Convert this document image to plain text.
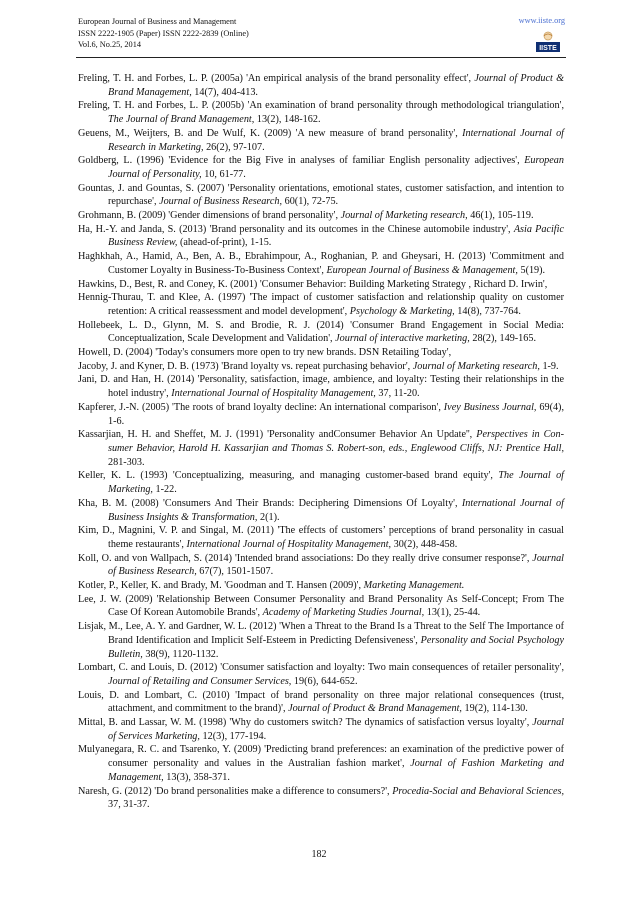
European Journal of Business and Management
ISSN 2222-1905 (Paper) ISSN 2222-2839 (Online)
Vol.6, No.25, 2014
www.iiste.org
IISTE

Freling, T. H. and Forbes, L. P. (2005a) 'An empirical analysis of the brand personality effect', Journal of Product & Brand Management, 14(7), 404-413.

Freling, T. H. and Forbes, L. P. (2005b) 'An examination of brand personality through methodological triangulation', The Journal of Brand Management, 13(2), 148-162.

Geuens, M., Weijters, B. and De Wulf, K. (2009) 'A new measure of brand personality', International Journal of Research in Marketing, 26(2), 97-107.

Goldberg, L. (1996) 'Evidence for the Big Five in analyses of familiar English personality adjectives', European Journal of Personality, 10, 61-77.

Gountas, J. and Gountas, S. (2007) 'Personality orientations, emotional states, customer satisfaction, and intention to repurchase', Journal of Business Research, 60(1), 72-75.

Grohmann, B. (2009) 'Gender dimensions of brand personality', Journal of Marketing research, 46(1), 105-119.

Ha, H.-Y. and Janda, S. (2013) 'Brand personality and its outcomes in the Chinese automobile industry', Asia Pacific Business Review, (ahead-of-print), 1-15.

Haghkhah, A., Hamid, A., Ben, A. B., Ebrahimpour, A., Roghanian, P. and Gheysari, H. (2013) 'Commitment and Customer Loyalty in Business-To-Business Context', European Journal of Business & Management, 5(19).

Hawkins, D., Best, R. and Coney, K. (2001) 'Consumer Behavior: Building Marketing Strategy , Richard D. Irwin',

Hennig‐Thurau, T. and Klee, A. (1997) 'The impact of customer satisfaction and relationship quality on customer retention: A critical reassessment and model development', Psychology & Marketing, 14(8), 737-764.

Hollebeek, L. D., Glynn, M. S. and Brodie, R. J. (2014) 'Consumer Brand Engagement in Social Media: Conceptualization, Scale Development and Validation', Journal of interactive marketing, 28(2), 149-165.

Howell, D. (2004) 'Today's consumers more open to try new brands. DSN Retailing Today',

Jacoby, J. and Kyner, D. B. (1973) 'Brand loyalty vs. repeat purchasing behavior', Journal of Marketing research, 1-9.

Jani, D. and Han, H. (2014) 'Personality, satisfaction, image, ambience, and loyalty: Testing their relationships in the hotel industry', International Journal of Hospitality Management, 37, 11-20.

Kapferer, J.-N. (2005) 'The roots of brand loyalty decline: An international comparison', Ivey Business Journal, 69(4), 1-6.

Kassarjian, H. H. and Sheffet, M. J. (1991) 'Personality andConsumer Behavior An Update'', Perspectives in Con-sumer Behavior, Harold H. Kassarjian and Thomas S. Robert-son, eds., Englewood Cliffs, NJ: Prentice Hall, 281-303.

Keller, K. L. (1993) 'Conceptualizing, measuring, and managing customer-based brand equity', The Journal of Marketing, 1-22.

Kha, B. M. (2008) 'Consumers And Their Brands: Deciphering Dimensions Of Loyalty', International Journal of Business Insights & Transformation, 2(1).

Kim, D., Magnini, V. P. and Singal, M. (2011) 'The effects of customers’ perceptions of brand personality in casual theme restaurants', International Journal of Hospitality Management, 30(2), 448-458.

Koll, O. and von Wallpach, S. (2014) 'Intended brand associations: Do they really drive consumer response?', Journal of Business Research, 67(7), 1501-1507.

Kotler, P., Keller, K. and Brady, M. 'Goodman and T. Hansen (2009)', Marketing Management.

Lee, J. W. (2009) 'Relationship Between Consumer Personality and Brand Personality As Self-Concept; From The Case Of Korean Automobile Brands', Academy of Marketing Studies Journal, 13(1), 25-44.

Lisjak, M., Lee, A. Y. and Gardner, W. L. (2012) 'When a Threat to the Brand Is a Threat to the Self The Importance of Brand Identification and Implicit Self-Esteem in Predicting Defensiveness', Personality and Social Psychology Bulletin, 38(9), 1120-1132.

Lombart, C. and Louis, D. (2012) 'Consumer satisfaction and loyalty: Two main consequences of retailer personality', Journal of Retailing and Consumer Services, 19(6), 644-652.

Louis, D. and Lombart, C. (2010) 'Impact of brand personality on three major relational consequences (trust, attachment, and commitment to the brand)', Journal of Product & Brand Management, 19(2), 114-130.

Mittal, B. and Lassar, W. M. (1998) 'Why do customers switch? The dynamics of satisfaction versus loyalty', Journal of Services Marketing, 12(3), 177-194.

Mulyanegara, R. C. and Tsarenko, Y. (2009) 'Predicting brand preferences: an examination of the predictive power of consumer personality and values in the Australian fashion market', Journal of Fashion Marketing and Management, 13(3), 358-371.

Naresh, G. (2012) 'Do brand personalities make a difference to consumers?', Procedia-Social and Behavioral Sciences, 37, 31-37.

182
